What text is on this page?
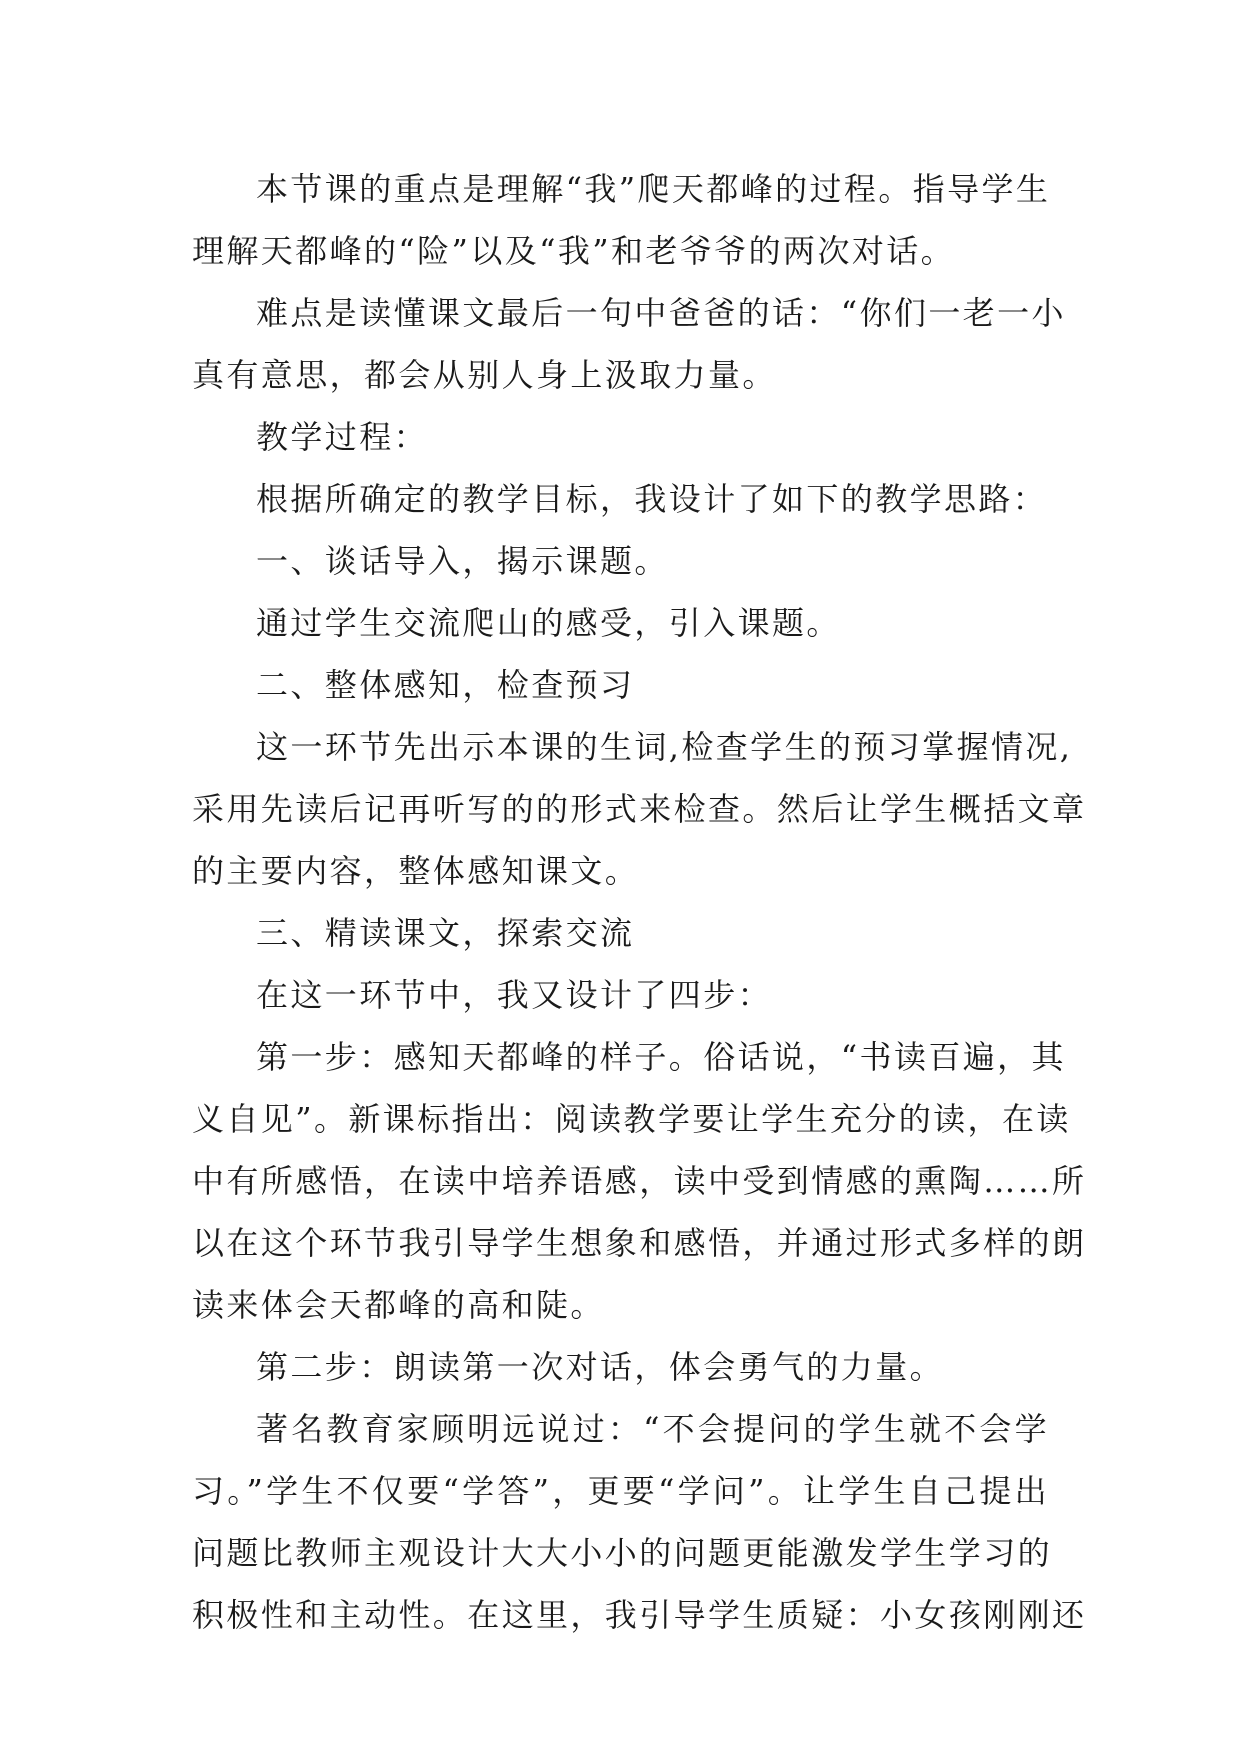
本节课的重点是理解“我”爬天都峰的过程。指导学生
理解天都峰的“险”以及“我”和老爷爷的两次对话。
难点是读懂课文最后一句中爸爸的话：“你们一老一小
真有意思，都会从别人身上汲取力量。
教学过程：
根据所确定的教学目标，我设计了如下的教学思路：
一、谈话导入，揭示课题。
通过学生交流爬山的感受，引入课题。
二、整体感知，检查预习
这一环节先出示本课的生词,检查学生的预习掌握情况,
采用先读后记再听写的的形式来检查。然后让学生概括文章
的主要内容，整体感知课文。
三、精读课文，探索交流
在这一环节中，我又设计了四步：
第一步：感知天都峰的样子。俗话说，“书读百遍，其
义自见”。新课标指出：阅读教学要让学生充分的读，在读
中有所感悟，在读中培养语感，读中受到情感的熏陶……所
以在这个环节我引导学生想象和感悟，并通过形式多样的朗
读来体会天都峰的高和陡。
第二步：朗读第一次对话，体会勇气的力量。
著名教育家顾明远说过：“不会提问的学生就不会学
习。”学生不仅要“学答”，更要“学问”。让学生自己提出
问题比教师主观设计大大小小的问题更能激发学生学习的
积极性和主动性。在这里，我引导学生质疑：小女孩刚刚还
